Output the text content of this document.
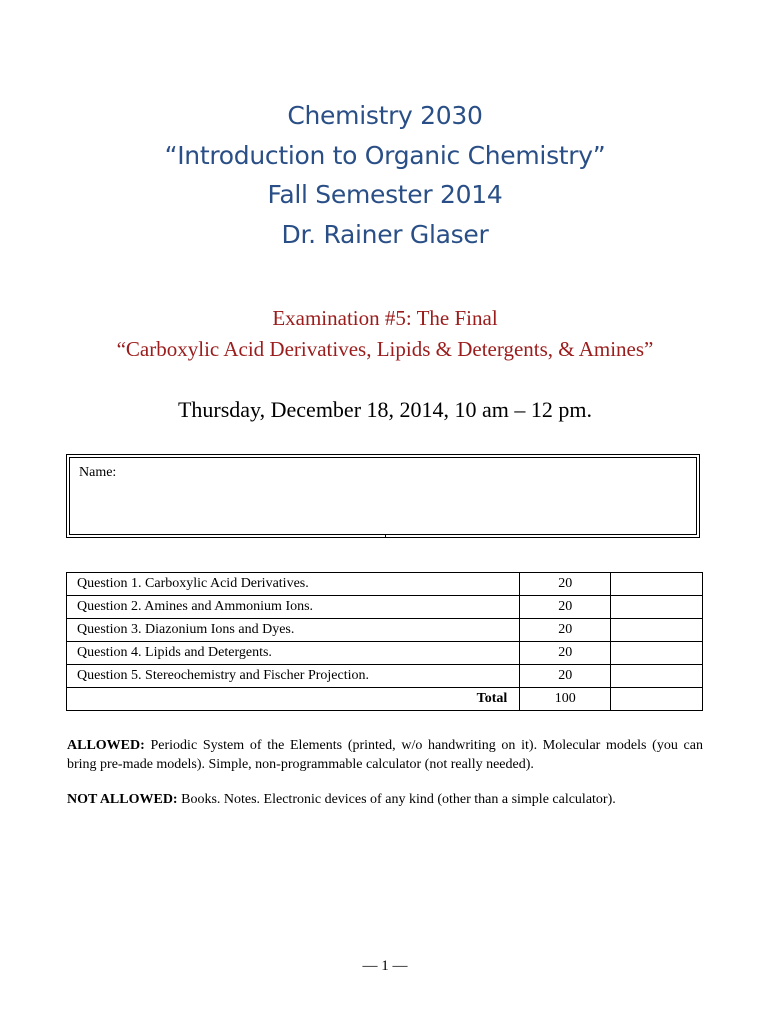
Chemistry 2030
“Introduction to Organic Chemistry”
Fall Semester 2014
Dr. Rainer Glaser
Examination #5: The Final
“Carboxylic Acid Derivatives, Lipids & Detergents, & Amines”
Thursday, December 18, 2014, 10 am – 12 pm.
Name:
Question 1. Carboxylic Acid Derivatives.	20	
Question 2. Amines and Ammonium Ions.	20	
Question 3. Diazonium Ions and Dyes.	20	
Question 4. Lipids and Detergents.	20	
Question 5. Stereochemistry and Fischer Projection.	20	
Total	100	

ALLOWED: Periodic System of the Elements (printed, w/o handwriting on it). Molecular models (you can bring pre-made models). Simple, non-programmable calculator (not really needed).

NOT ALLOWED: Books. Notes. Electronic devices of any kind (other than a simple calculator).

— 1 —
